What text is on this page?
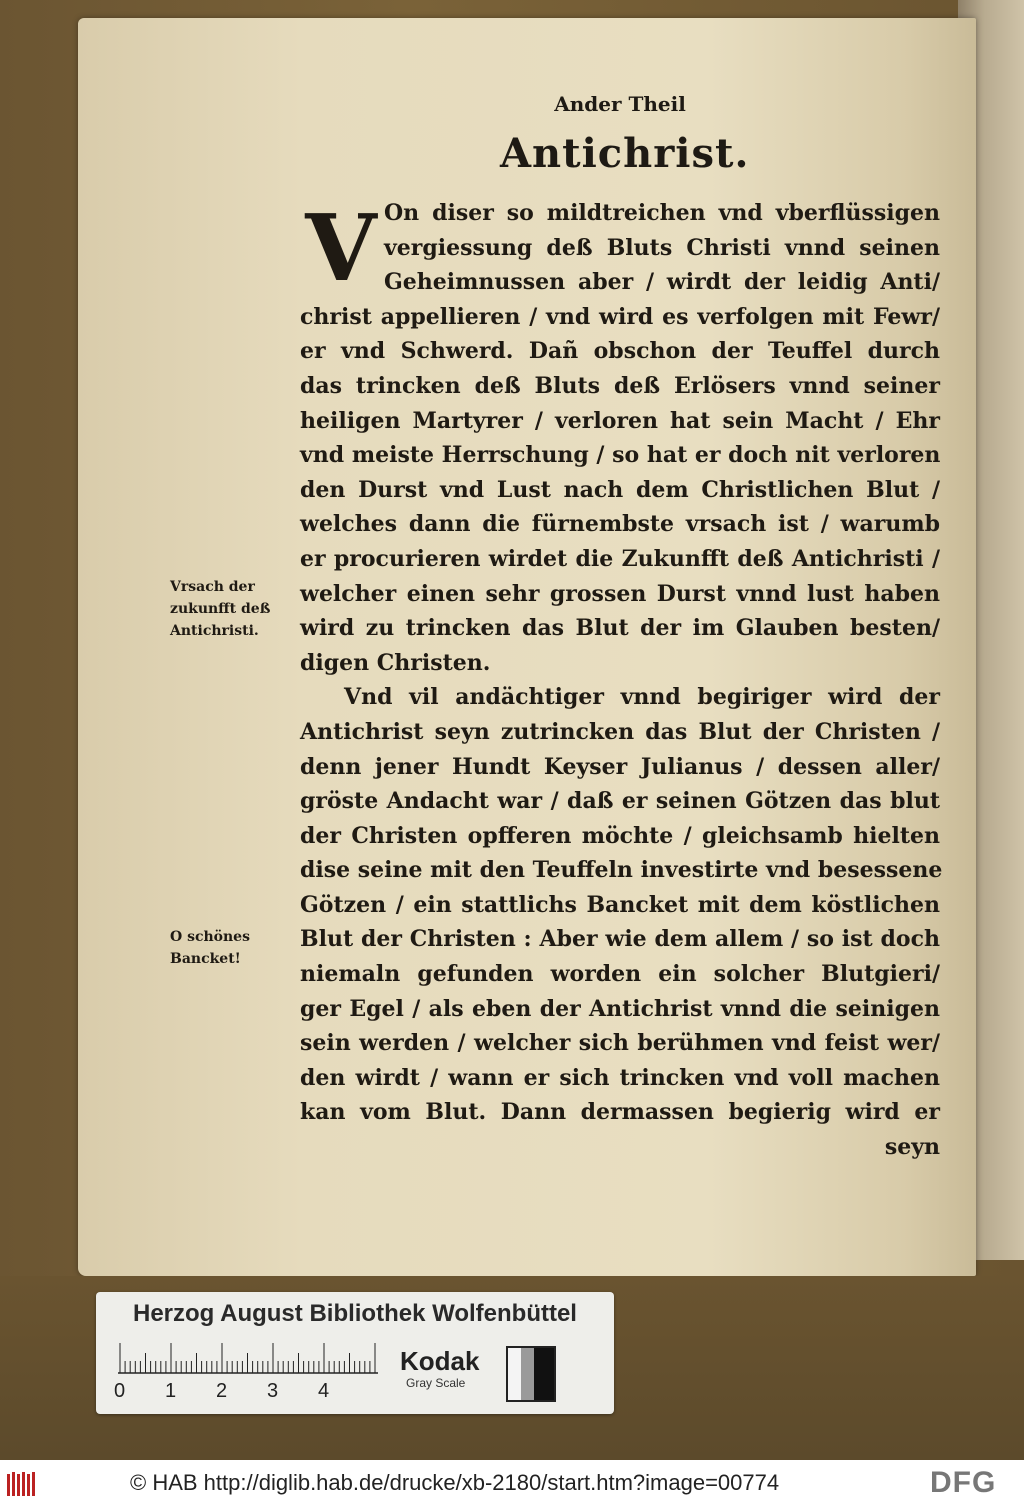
Ander Theil
Antichrist.
V On diser so mildtreichen vnd vberflüssigen
vergiessung deß Bluts Christi vnnd seinen
Geheimnussen aber / wirdt der leidig Anti/
christ appellieren / vnd wird es verfolgen mit Fewr/
er vnd Schwerd. Dañ obschon der Teuffel durch
das trincken deß Bluts deß Erlösers vnnd seiner
heiligen Martyrer / verloren hat sein Macht / Ehr
vnd meiste Herrschung / so hat er doch nit verloren
den Durst vnd Lust nach dem Christlichen Blut /
welches dann die fürnembste vrsach ist / warumb
er procurieren wirdet die Zukunfft deß Antichristi /
welcher einen sehr grossen Durst vnnd lust haben
wird zu trincken das Blut der im Glauben besten/
digen Christen.
Vnd vil andächtiger vnnd begiriger wird der
Antichrist seyn zutrincken das Blut der Christen /
denn jener Hundt Keyser Julianus / dessen aller/
gröste Andacht war / daß er seinen Götzen das blut
der Christen opfferen möchte / gleichsamb hielten
dise seine mit den Teuffeln investirte vnd besessene
Götzen / ein stattlichs Bancket mit dem köstlichen
Blut der Christen : Aber wie dem allem / so ist doch
niemaln gefunden worden ein solcher Blutgieri/
ger Egel / als eben der Antichrist vnnd die seinigen
sein werden / welcher sich berühmen vnd feist wer/
den wirdt / wann er sich trincken vnd voll machen
kan vom Blut. Dann dermassen begierig wird er
seyn
Vrsach der
zukunfft deß
Antichristi.
O schönes
Bancket!
Herzog August Bibliothek Wolfenbüttel
Kodak
Gray Scale
0 1 2 3 4
© HAB http://diglib.hab.de/drucke/xb-2180/start.htm?image=00774	DFG
